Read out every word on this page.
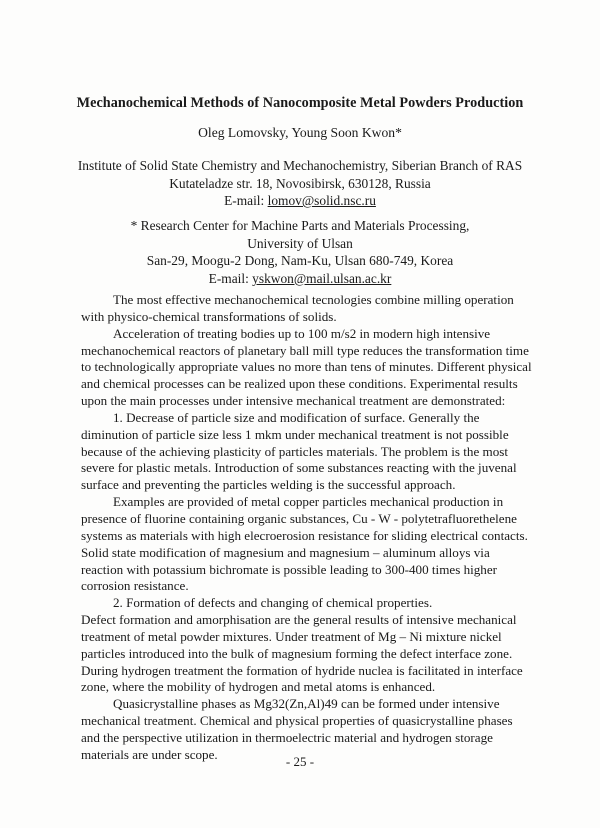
Mechanochemical Methods of Nanocomposite Metal Powders Production
Oleg Lomovsky, Young Soon Kwon*
Institute of Solid State Chemistry and Mechanochemistry, Siberian Branch of RAS
Kutateladze str. 18, Novosibirsk, 630128, Russia
E-mail: lomov@solid.nsc.ru
* Research Center for Machine Parts and Materials Processing,
University of Ulsan
San-29, Moogu-2 Dong, Nam-Ku, Ulsan 680-749, Korea
E-mail: yskwon@mail.ulsan.ac.kr
The most effective mechanochemical tecnologies combine milling operation
with physico-chemical transformations of solids.
Acceleration of treating bodies up to 100 m/s2 in modern high intensive
mechanochemical reactors of planetary ball mill type reduces the transformation time
to technologically appropriate values no more than tens of minutes. Different physical
and chemical processes can be realized upon these conditions. Experimental results
upon the main processes under intensive mechanical treatment are demonstrated:
1. Decrease of particle size and modification of surface. Generally the
diminution of particle size less 1 mkm under mechanical treatment is not possible
because of the achieving plasticity of particles materials. The problem is the most
severe for plastic metals. Introduction of some substances reacting with the juvenal
surface and preventing the particles welding is the successful approach.
Examples are provided of metal copper particles mechanical production in
presence of fluorine containing organic substances, Cu - W - polytetrafluorethelene
systems as materials with high elecroerosion resistance for sliding electrical contacts.
Solid state modification of magnesium and magnesium – aluminum alloys via
reaction with potassium bichromate is possible leading to 300-400 times higher
corrosion resistance.
2. Formation of defects and changing of chemical properties.
Defect formation and amorphisation are the general results of intensive mechanical
treatment of metal powder mixtures. Under treatment of Mg – Ni mixture nickel
particles introduced into the bulk of magnesium forming the defect interface zone.
During hydrogen treatment the formation of hydride nuclea is facilitated in interface
zone, where the mobility of hydrogen and metal atoms is enhanced.
Quasicrystalline phases as Mg32(Zn,Al)49 can be formed under intensive
mechanical treatment. Chemical and physical properties of quasicrystalline phases
and the perspective utilization in thermoelectric material and hydrogen storage
materials are under scope.	- 25 -
